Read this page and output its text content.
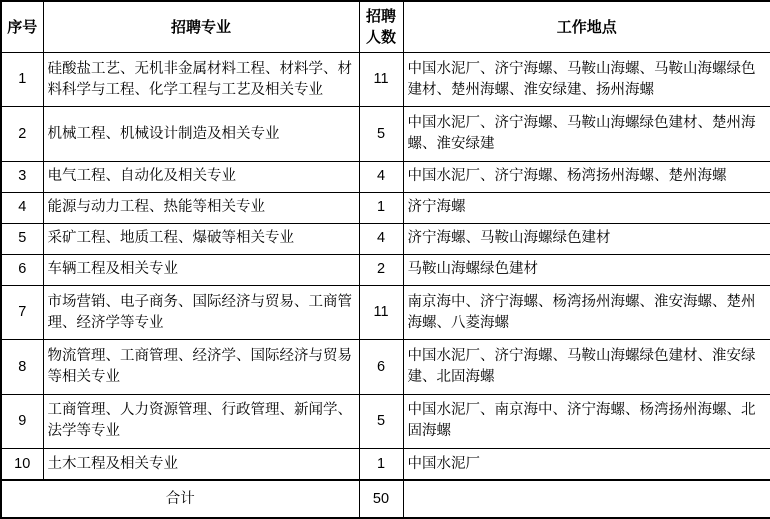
序号	招聘专业	招聘人数	工作地点
1	硅酸盐工艺、无机非金属材料工程、材料学、材料科学与工程、化学工程与工艺及相关专业	11	中国水泥厂、济宁海螺、马鞍山海螺、马鞍山海螺绿色建材、楚州海螺、淮安绿建、扬州海螺
2	机械工程、机械设计制造及相关专业	5	中国水泥厂、济宁海螺、马鞍山海螺绿色建材、楚州海螺、淮安绿建
3	电气工程、自动化及相关专业	4	中国水泥厂、济宁海螺、杨湾扬州海螺、楚州海螺
4	能源与动力工程、热能等相关专业	1	济宁海螺
5	采矿工程、地质工程、爆破等相关专业	4	济宁海螺、马鞍山海螺绿色建材
6	车辆工程及相关专业	2	马鞍山海螺绿色建材
7	市场营销、电子商务、国际经济与贸易、工商管理、经济学等专业	11	南京海中、济宁海螺、杨湾扬州海螺、淮安海螺、楚州海螺、八菱海螺
8	物流管理、工商管理、经济学、国际经济与贸易等相关专业	6	中国水泥厂、济宁海螺、马鞍山海螺绿色建材、淮安绿建、北固海螺
9	工商管理、人力资源管理、行政管理、新闻学、法学等专业	5	中国水泥厂、南京海中、济宁海螺、杨湾扬州海螺、北固海螺
10	土木工程及相关专业	1	中国水泥厂
合计		50	
